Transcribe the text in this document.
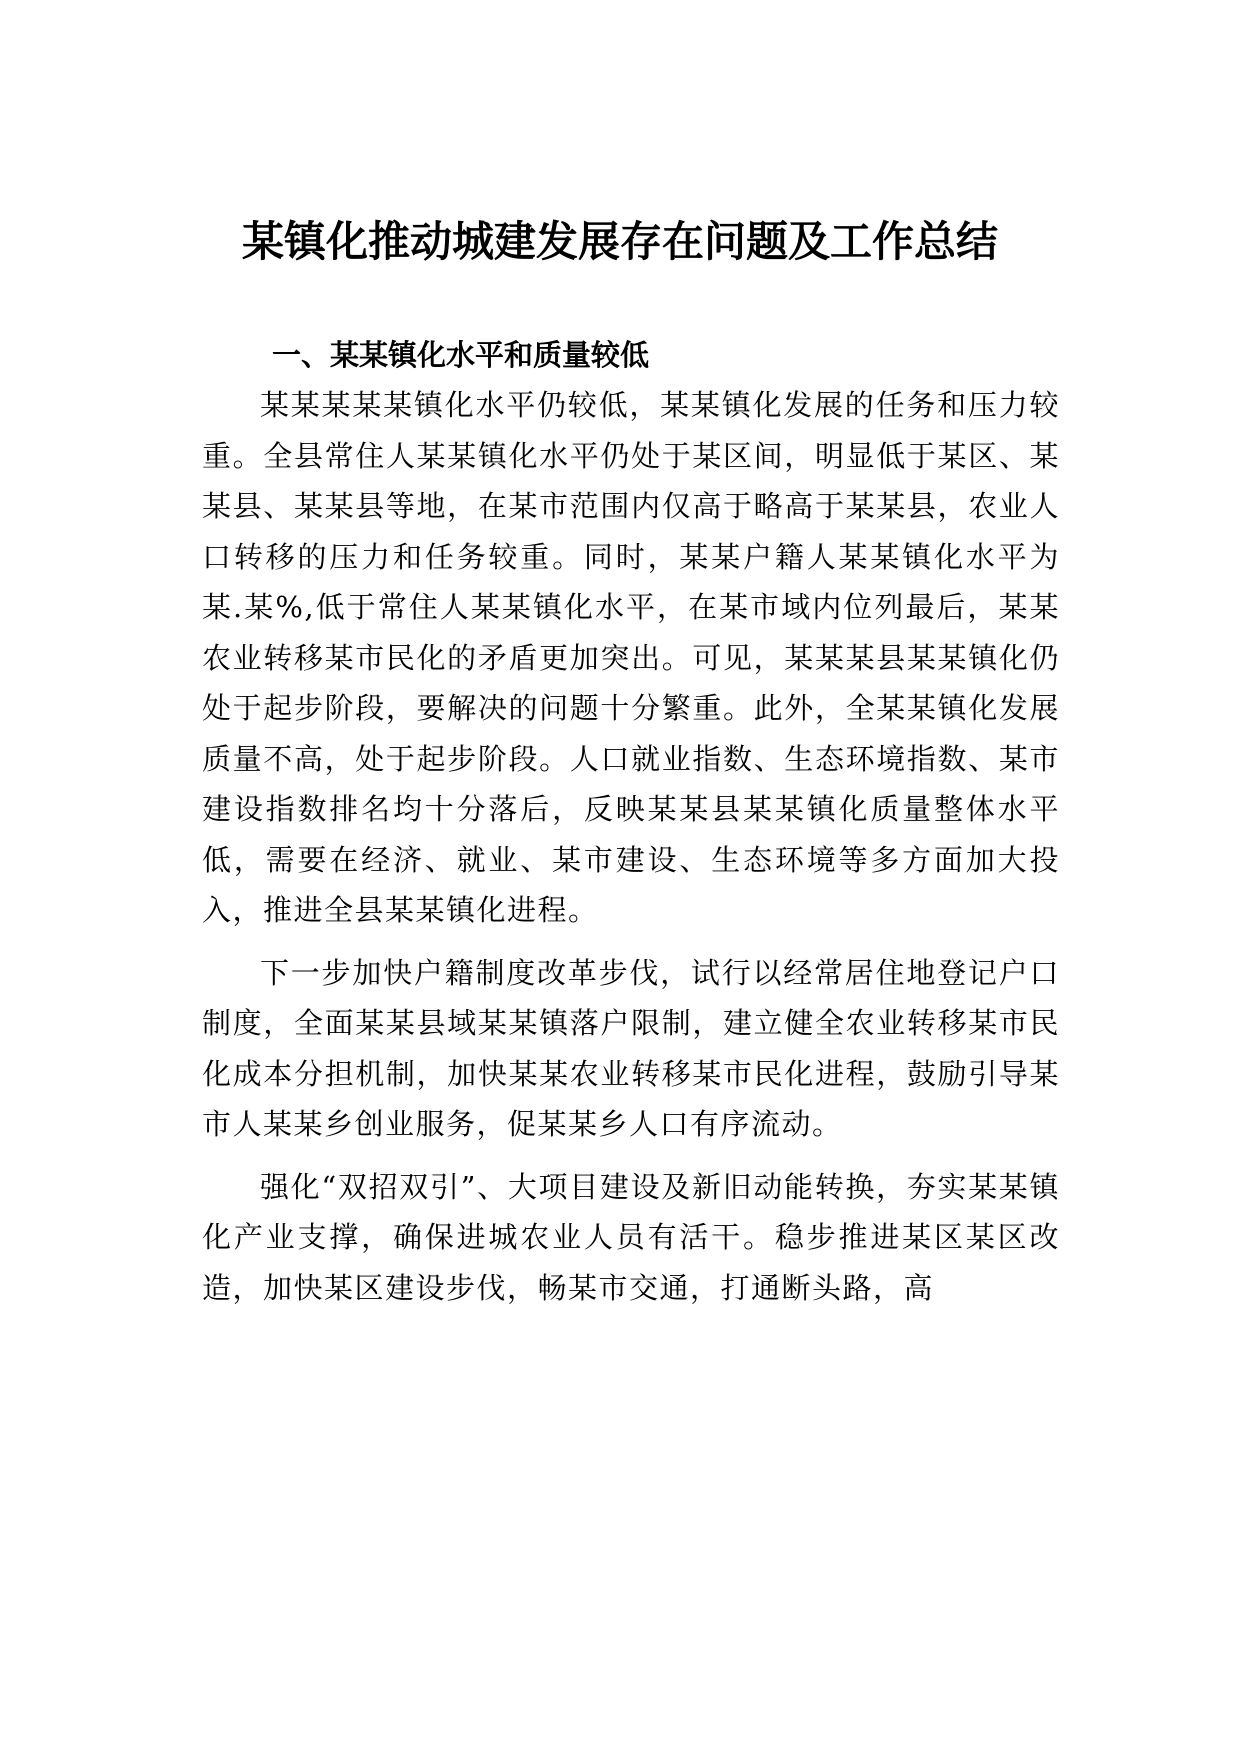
某镇化推动城建发展存在问题及工作总结
一、某某镇化水平和质量较低

某某某某某镇化水平仍较低，某某镇化发展的任务和压力较重。全县常住人某某镇化水平仍处于某区间，明显低于某区、某某县、某某县等地，在某市范围内仅高于略高于某某县，农业人口转移的压力和任务较重。同时，某某户籍人某某镇化水平为某.某%,低于常住人某某镇化水平，在某市域内位列最后，某某农业转移某市民化的矛盾更加突出。可见，某某某县某某镇化仍处于起步阶段，要解决的问题十分繁重。此外，全某某镇化发展质量不高，处于起步阶段。人口就业指数、生态环境指数、某市建设指数排名均十分落后，反映某某县某某镇化质量整体水平低，需要在经济、就业、某市建设、生态环境等多方面加大投入，推进全县某某镇化进程。

下一步加快户籍制度改革步伐，试行以经常居住地登记户口制度，全面某某县域某某镇落户限制，建立健全农业转移某市民化成本分担机制，加快某某农业转移某市民化进程，鼓励引导某市人某某乡创业服务，促某某乡人口有序流动。

强化“双招双引”、大项目建设及新旧动能转换，夯实某某镇化产业支撑，确保进城农业人员有活干。稳步推进某区某区改造，加快某区建设步伐，畅某市交通，打通断头路，高
